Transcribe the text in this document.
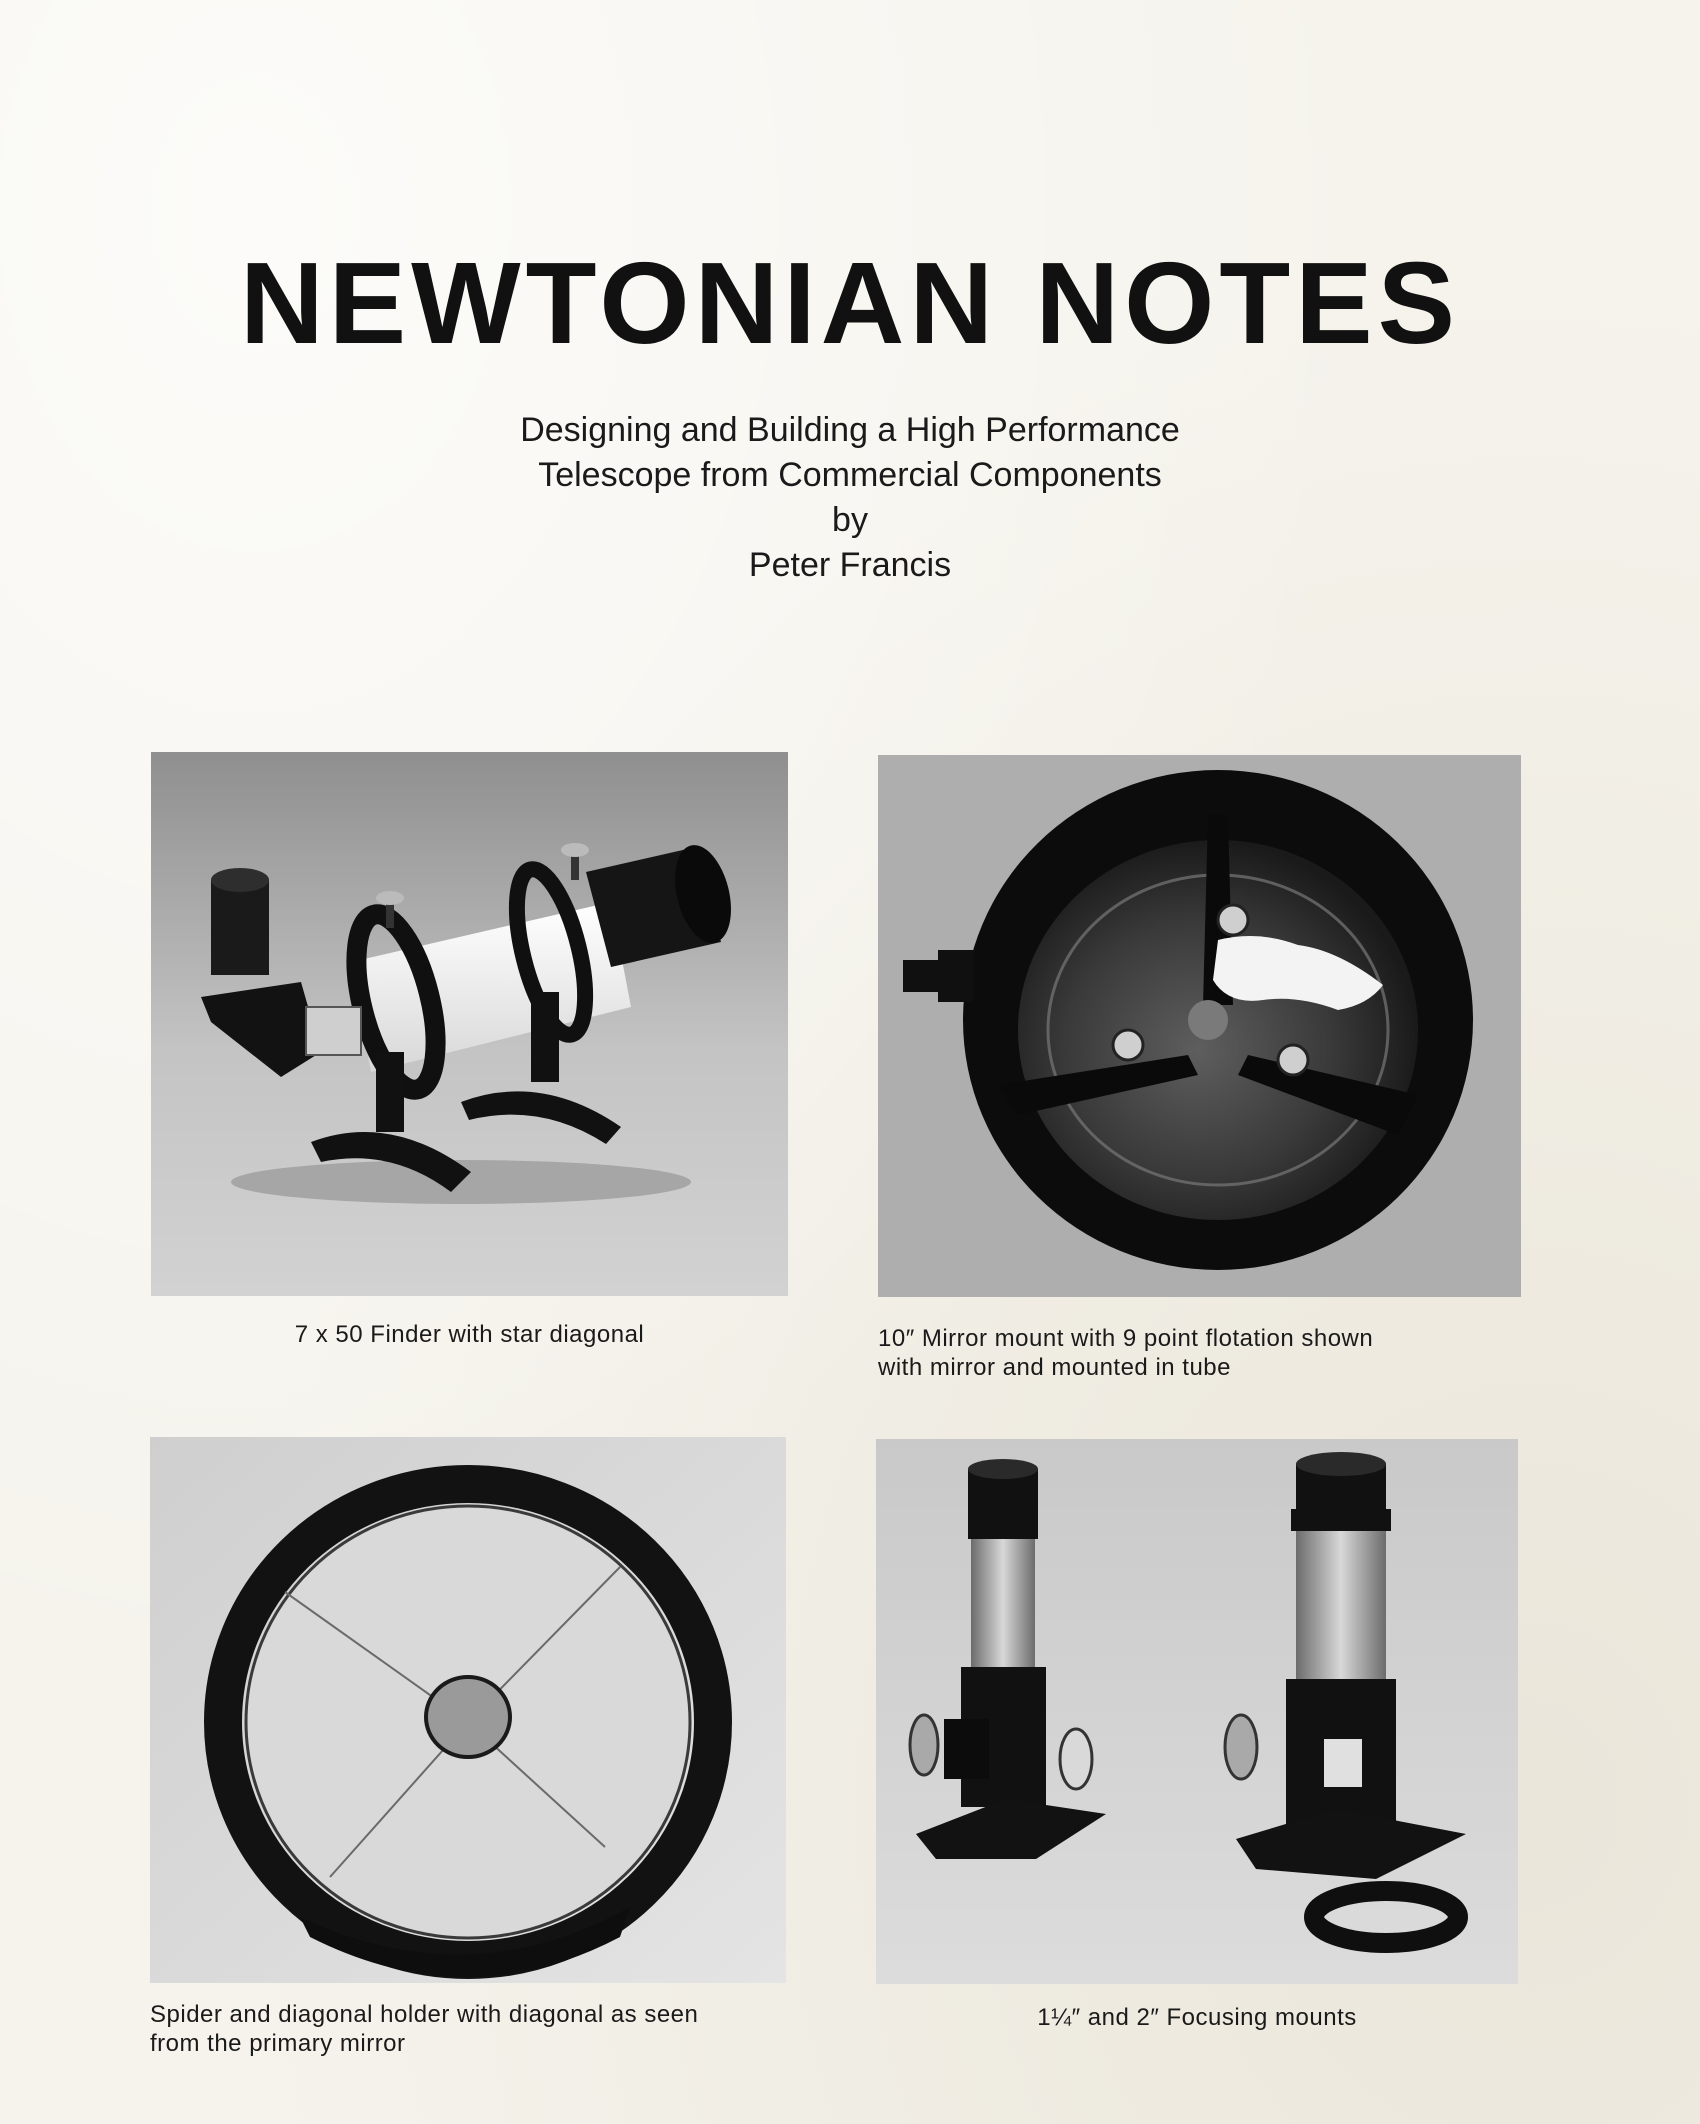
NEWTONIAN NOTES
Designing and Building a High Performance
Telescope from Commercial Components
by
Peter Francis
7 x 50 Finder with star diagonal	10″ Mirror mount with 9 point flotation shown
with mirror and mounted in tube
Spider and diagonal holder with diagonal as seen
from the primary mirror
1¼″ and 2″ Focusing mounts
